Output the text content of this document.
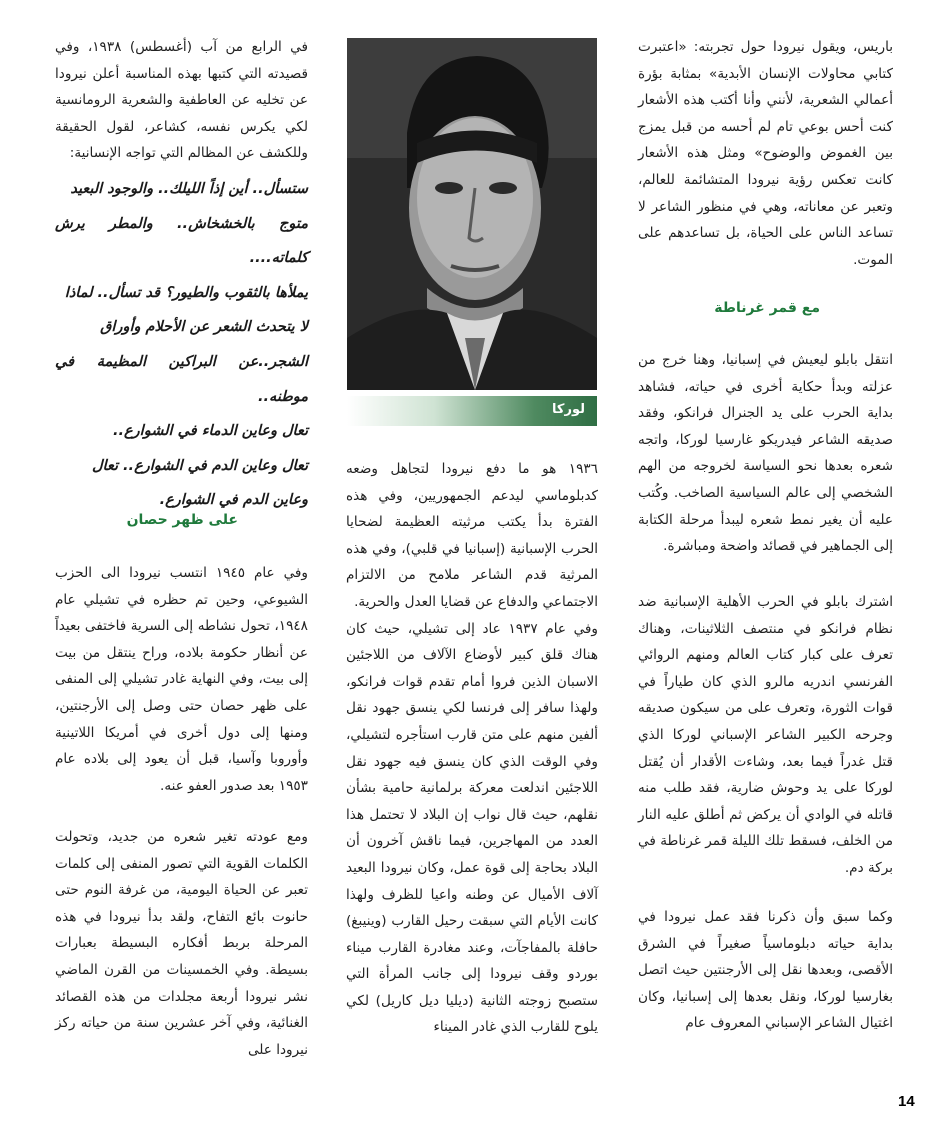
باريس، ويقول نيرودا حول تجربته: «اعتبرت كتابي محاولات الإنسان الأبدية» بمثابة بؤرة أعمالي الشعرية، لأنني وأنا أكتب هذه الأشعار كنت أحس بوعي تام لم أحسه من قبل يمزج بين الغموض والوضوح» ومثل هذه الأشعار كانت تعكس رؤية نيرودا المتشائمة للعالم، وتعبر عن معاناته، وهي في منظور الشاعر لا تساعد الناس على الحياة، بل تساعدهم على الموت.

مع قمر غرناطة

انتقل بابلو ليعيش في إسبانيا، وهنا خرج من عزلته وبدأ حكاية أخرى في حياته، فشاهد بداية الحرب على يد الجنرال فرانكو، وفقد صديقه الشاعر فيدريكو غارسيا لوركا، واتجه شعره بعدها نحو السياسة لخروجه من الهم الشخصي إلى عالم السياسية الصاخب. وكُتب عليه أن يغير نمط شعره ليبدأ مرحلة الكتابة إلى الجماهير في قصائد واضحة ومباشرة.

اشترك بابلو في الحرب الأهلية الإسبانية ضد نظام فرانكو في منتصف الثلاثينات، وهناك تعرف على كبار كتاب العالم ومنهم الروائي الفرنسي اندريه مالرو الذي كان طياراً في قوات الثورة، وتعرف على من سيكون صديقه وجرحه الكبير الشاعر الإسباني لوركا الذي قتل غدراً فيما بعد، وشاءت الأقدار أن يُقتل لوركا على يد وحوش ضارية، فقد طلب منه قاتله في الوادي أن يركض ثم أطلق عليه النار من الخلف، فسقط تلك الليلة قمر غرناطة في بركة دم.

وكما سبق وأن ذكرنا فقد عمل نيرودا في بداية حياته دبلوماسياً صغيراً في الشرق الأقصى، وبعدها نقل إلى الأرجنتين حيث اتصل بغارسيا لوركا، ونقل بعدها إلى إسبانيا، وكان اغتيال الشاعر الإسباني المعروف عام

لوركا

١٩٣٦ هو ما دفع نيرودا لتجاهل وضعه كدبلوماسي ليدعم الجمهوريين، وفي هذه الفترة بدأ يكتب مرثيته العظيمة لضحايا الحرب الإسبانية (إسبانيا في قلبي)، وفي هذه المرثية قدم الشاعر ملامح من الالتزام الاجتماعي والدفاع عن قضايا العدل والحرية.

وفي عام ١٩٣٧ عاد إلى تشيلي، حيث كان هناك قلق كبير لأوضاع الآلاف من اللاجئين الاسبان الذين فروا أمام تقدم قوات فرانكو، ولهذا سافر إلى فرنسا لكي ينسق جهود نقل ألفين منهم على متن قارب استأجره لتشيلي، وفي الوقت الذي كان ينسق فيه جهود نقل اللاجئين اندلعت معركة برلمانية حامية بشأن نقلهم، حيث قال نواب إن البلاد لا تحتمل هذا العدد من المهاجرين، فيما ناقش آخرون أن البلاد بحاجة إلى قوة عمل، وكان نيرودا البعيد آلاف الأميال عن وطنه واعيا للظرف ولهذا كانت الأيام التي سبقت رحيل القارب (وينيبغ) حافلة بالمفاجآت، وعند مغادرة القارب ميناء بوردو وقف نيرودا إلى جانب المرأة التي ستصبح زوجته الثانية (ديليا ديل كاريل) لكي يلوح للقارب الذي غادر الميناء

في الرابع من آب (أغسطس) ١٩٣٨، وفي قصيدته التي كتبها بهذه المناسبة أعلن نيرودا عن تخليه عن العاطفية والشعرية الرومانسية لكي يكرس نفسه، كشاعر، لقول الحقيقة وللكشف عن المظالم التي تواجه الإنسانية:

ستسأل.. أين إذاً الليلك.. والوجود البعيد

متوج بالخشخاش.. والمطر يرش كلماته....

يملأها بالثقوب والطيور؟ قد تسأل.. لماذا

لا يتحدث الشعر عن الأحلام وأوراق

الشجر..عن البراكين المظيمة في موطنه..

تعال وعاين الدماء في الشوارع..

تعال وعاين الدم في الشوارع.. تعال

وعاين الدم في الشوارع.

على ظهر حصان

وفي عام ١٩٤٥ انتسب نيرودا الى الحزب الشيوعي، وحين تم حظره في تشيلي عام ١٩٤٨، تحول نشاطه إلى السرية فاختفى بعيداً عن أنظار حكومة بلاده، وراح ينتقل من بيت إلى بيت، وفي النهاية غادر تشيلي إلى المنفى على ظهر حصان حتى وصل إلى الأرجنتين، ومنها إلى دول أخرى في أمريكا اللاتينية وأوروبا وآسيا، قبل أن يعود إلى بلاده عام ١٩٥٣ بعد صدور العفو عنه.

ومع عودته تغير شعره من جديد، وتحولت الكلمات القوية التي تصور المنفى إلى كلمات تعبر عن الحياة اليومية، من غرفة النوم حتى حانوت بائع التفاح، ولقد بدأ نيرودا في هذه المرحلة بربط أفكاره البسيطة بعبارات بسيطة. وفي الخمسينات من القرن الماضي نشر نيرودا أربعة مجلدات من هذه القصائد الغنائية، وفي آخر عشرين سنة من حياته ركز نيرودا على

14
